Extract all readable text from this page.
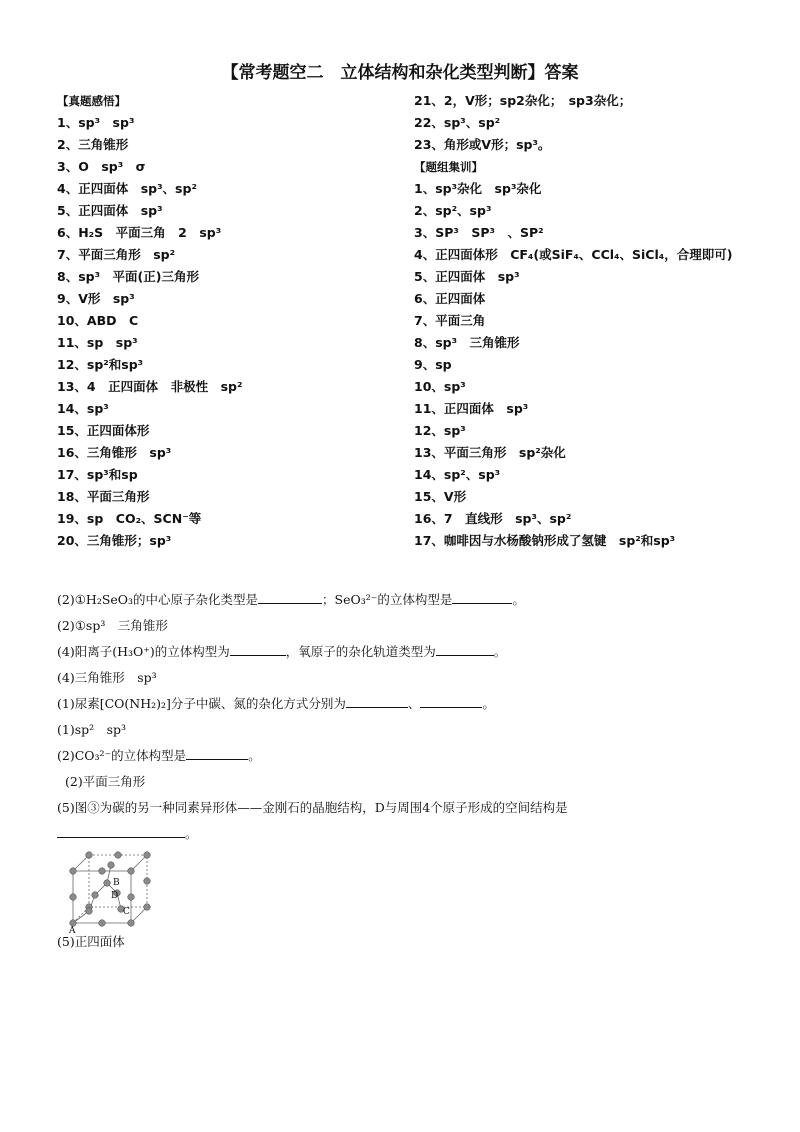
【常考题空二　立体结构和杂化类型判断】答案
【真题感悟】
1、sp³　sp³
2、三角锥形
3、O　sp³　σ
4、正四面体　sp³、sp²
5、正四面体　sp³
6、H₂S　平面三角　2　sp³
7、平面三角形　sp²
8、sp³　平面(正)三角形
9、V形　sp³
10、ABD　C
11、sp　sp³
12、sp²和sp³
13、4　正四面体　非极性　sp²
14、sp³
15、正四面体形
16、三角锥形　sp³
17、sp³和sp
18、平面三角形
19、sp　CO₂、SCN⁻等
20、三角锥形；sp³
21、2，V形；sp2杂化；　sp3杂化；
22、sp³、sp²
23、角形或V形；sp³。
【题组集训】
1、sp³杂化　sp³杂化
2、sp²、sp³
3、SP³　SP³　、SP²
4、正四面体形　CF₄(或SiF₄、CCl₄、SiCl₄，合理即可)
5、正四面体　sp³
6、正四面体
7、平面三角
8、sp³　三角锥形
9、sp
10、sp³
11、正四面体　sp³
12、sp³
13、平面三角形　sp²杂化
14、sp²、sp³
15、V形
16、7　直线形　sp³、sp²
17、咖啡因与水杨酸钠形成了氢键　sp²和sp³
(2)①H₂SeO₃的中心原子杂化类型是	；SeO₃²⁻的立体构型是	。
(2)①sp³　三角锥形
(4)阳离子(H₃O⁺)的立体构型为	，氧原子的杂化轨道类型为	。
(4)三角锥形　sp³
(1)尿素[CO(NH₂)₂]分子中碳、氮的杂化方式分别为	、	。
(1)sp²　sp³
(2)CO₃²⁻的立体构型是	。
(2)平面三角形
(5)图③为碳的另一种同素异形体——金刚石的晶胞结构，D与周围4个原子形成的空间结构是
。
B
D
C
A
(5)正四面体
